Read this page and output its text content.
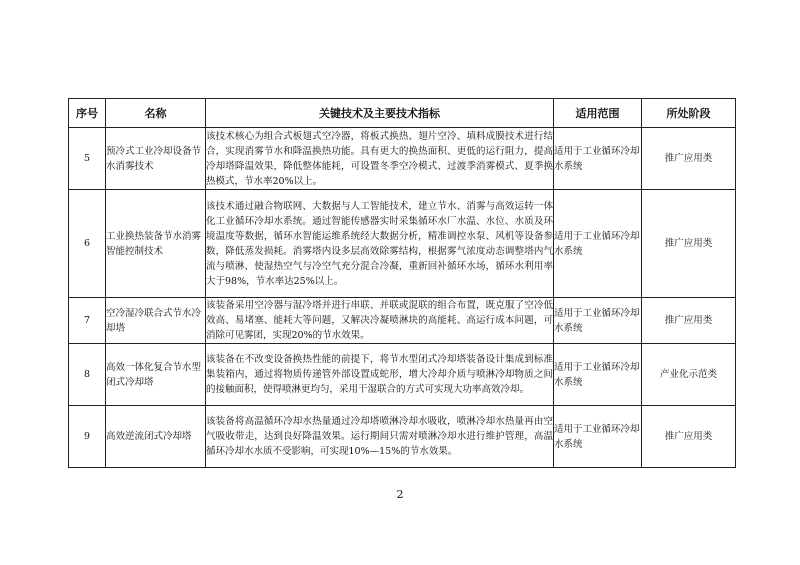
序号	名称	关键技术及主要技术指标	适用范围	所处阶段
5	预冷式工业冷却设备节水消雾技术	该技术核心为组合式板翅式空冷器，将板式换热、翅片空冷、填料成膜技术进行结合，实现消雾节水和降温换热功能。具有更大的换热面积、更低的运行阻力，提高冷却塔降温效果，降低整体能耗，可设置冬季空冷模式、过渡季消雾模式、夏季换热模式，节水率20%以上。	适用于工业循环冷却水系统	推广应用类
6	工业换热装备节水消雾智能控制技术	该技术通过融合物联网、大数据与人工智能技术，建立节水、消雾与高效运转一体化工业循环冷却水系统。通过智能传感器实时采集循环水厂水温、水位、水质及环境温度等数据，循环水智能运维系统经大数据分析，精准调控水泵、风机等设备参数，降低蒸发损耗。消雾塔内设多层高效除雾结构，根据雾气浓度动态调整塔内气流与喷淋，使湿热空气与冷空气充分混合冷凝，重新回补循环水场，循环水利用率大于98%，节水率达25%以上。	适用于工业循环冷却水系统	推广应用类
7	空冷湿冷联合式节水冷却塔	该装备采用空冷器与湿冷塔并进行串联、并联或混联的组合布置，既克服了空冷低效高、易堵塞、能耗大等问题，又解决冷凝喷淋块的高能耗、高运行成本问题，可消除可见雾团，实现20%的节水效果。	适用于工业循环冷却水系统	推广应用类
8	高效一体化复合节水型闭式冷却塔	该装备在不改变设备换热性能的前提下，将节水型闭式冷却塔装备设计集成到标准集装箱内，通过将物质传递管外部设置成蛇形，增大冷却介质与喷淋冷却物质之间的接触面积，使得喷淋更均匀，采用干湿联合的方式可实现大功率高效冷却。	适用于工业循环冷却水系统	产业化示范类
9	高效逆流闭式冷却塔	该装备将高温循环冷却水热量通过冷却塔喷淋冷却水吸收，喷淋冷却水热量再由空气吸收带走，达到良好降温效果。运行期间只需对喷淋冷却水进行维护管理，高温循环冷却水水质不受影响，可实现10%—15%的节水效果。	适用于工业循环冷却水系统	推广应用类
2
